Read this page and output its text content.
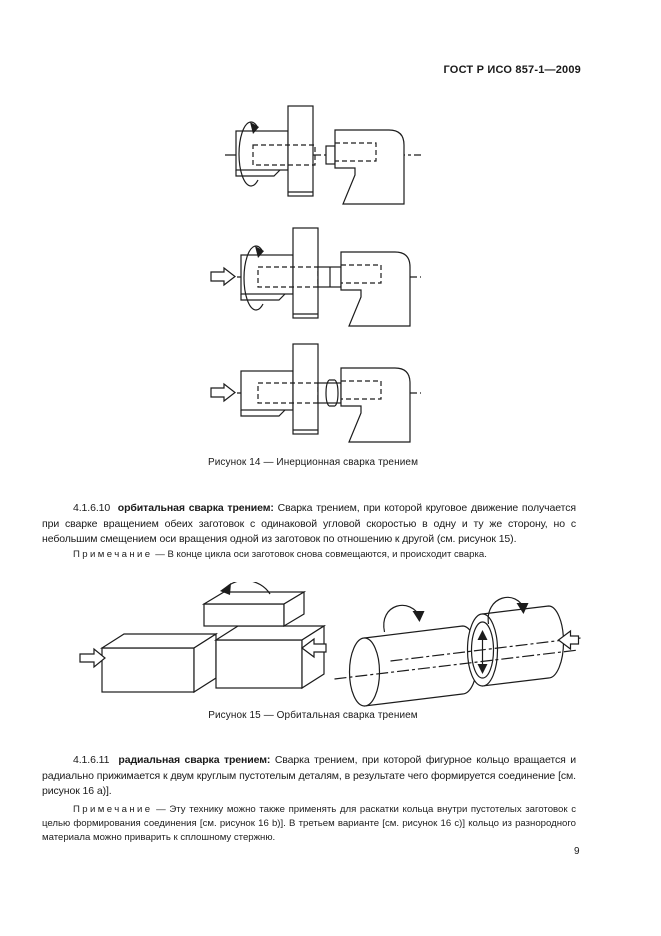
ГОСТ Р ИСО 857-1—2009
Рисунок 14 — Инерционная сварка трением

4.1.6.10 орбитальная сварка трением: Сварка трением, при которой круговое движение получается при сварке вращением обеих заготовок с одинаковой угловой скоростью в одну и ту же сторону, но с небольшим смещением оси вращения одной из заготовок по отношению к другой (см. рисунок 15).

Примечание — В конце цикла оси заготовок снова совмещаются, и происходит сварка.

Рисунок 15 — Орбитальная сварка трением

4.1.6.11 радиальная сварка трением: Сварка трением, при которой фигурное кольцо вращается и радиально прижимается к двум круглым пустотелым деталям, в результате чего формируется соединение [см. рисунок 16 а)].

Примечание — Эту технику можно также применять для раскатки кольца внутри пустотелых заготовок с целью формирования соединения [см. рисунок 16 b)]. В третьем варианте [см. рисунок 16 c)] кольцо из разнородного материала можно приварить к сплошному стержню.

9
